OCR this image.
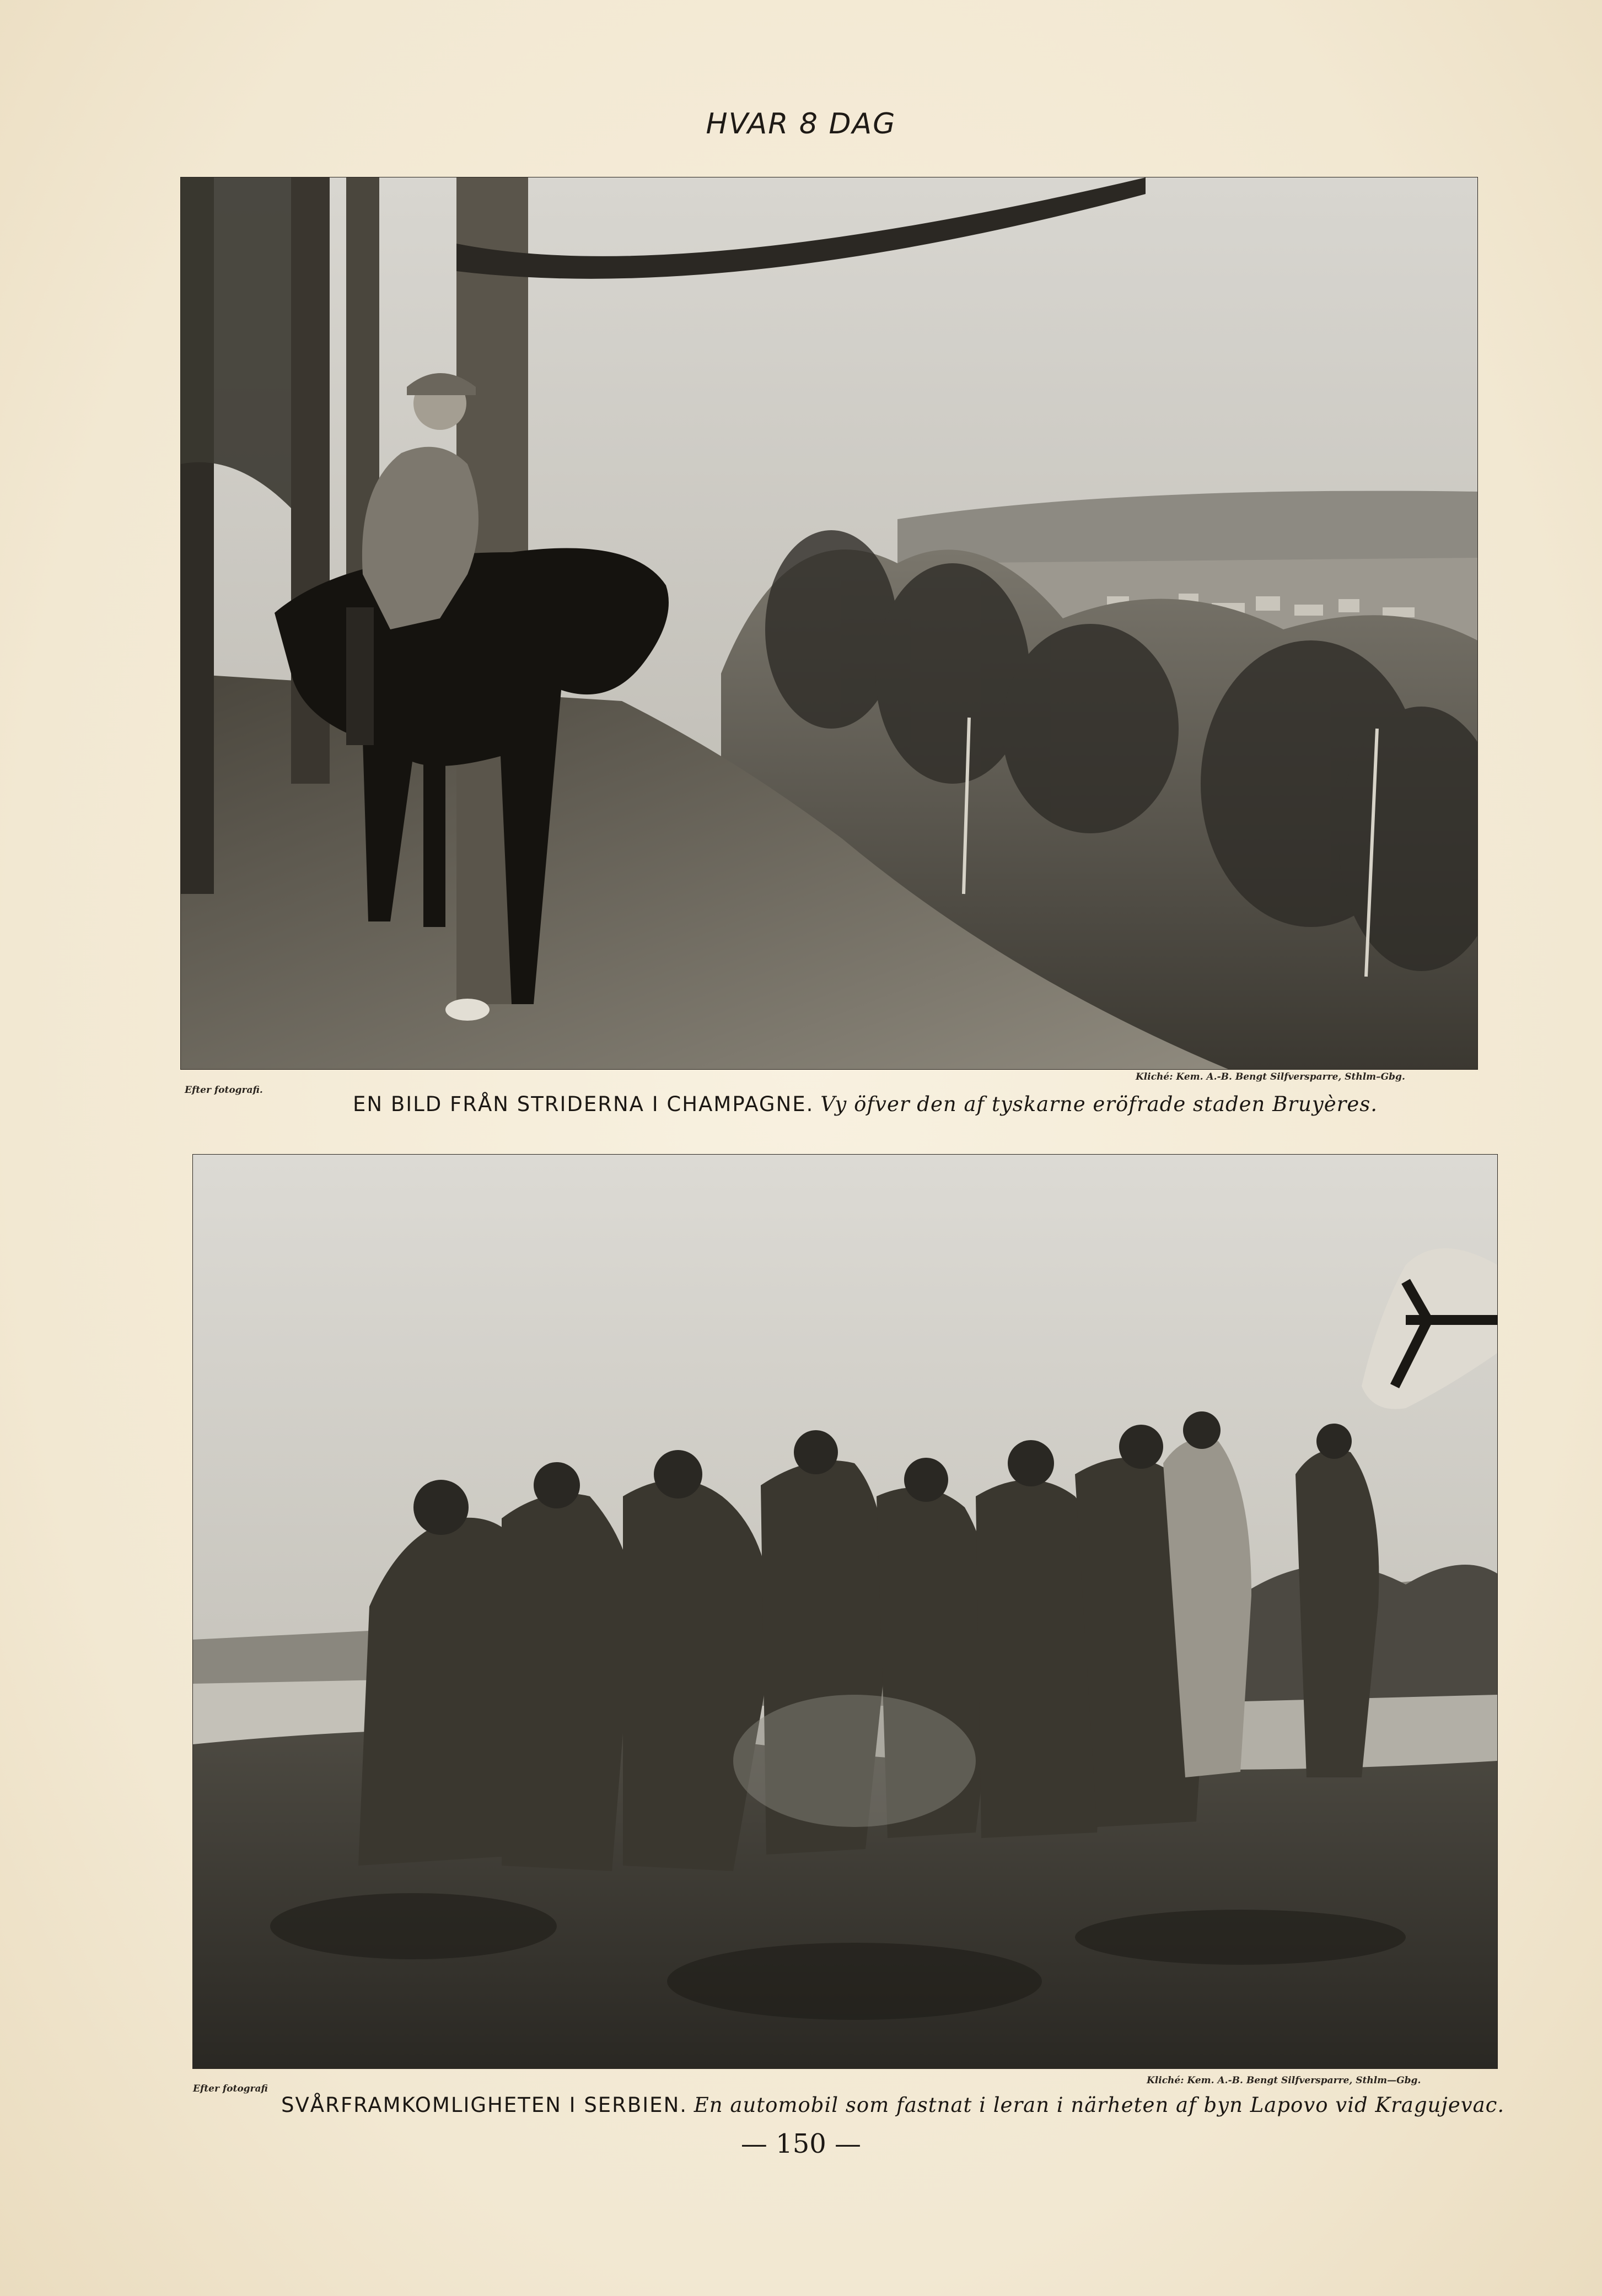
HVAR 8 DAG
Efter fotografi.
Kliché: Kem. A.-B. Bengt Silfversparre, Sthlm–Gbg.
EN BILD FRÅN STRIDERNA I CHAMPAGNE. Vy öfver den af tyskarne eröfrade staden Bruyères.
Efter fotografi
Kliché: Kem. A.-B. Bengt Silfversparre, Sthlm—Gbg.
SVÅRFRAMKOMLIGHETEN I SERBIEN. En automobil som fastnat i leran i närheten af byn Lapovo vid Kragujevac.
— 150 —
